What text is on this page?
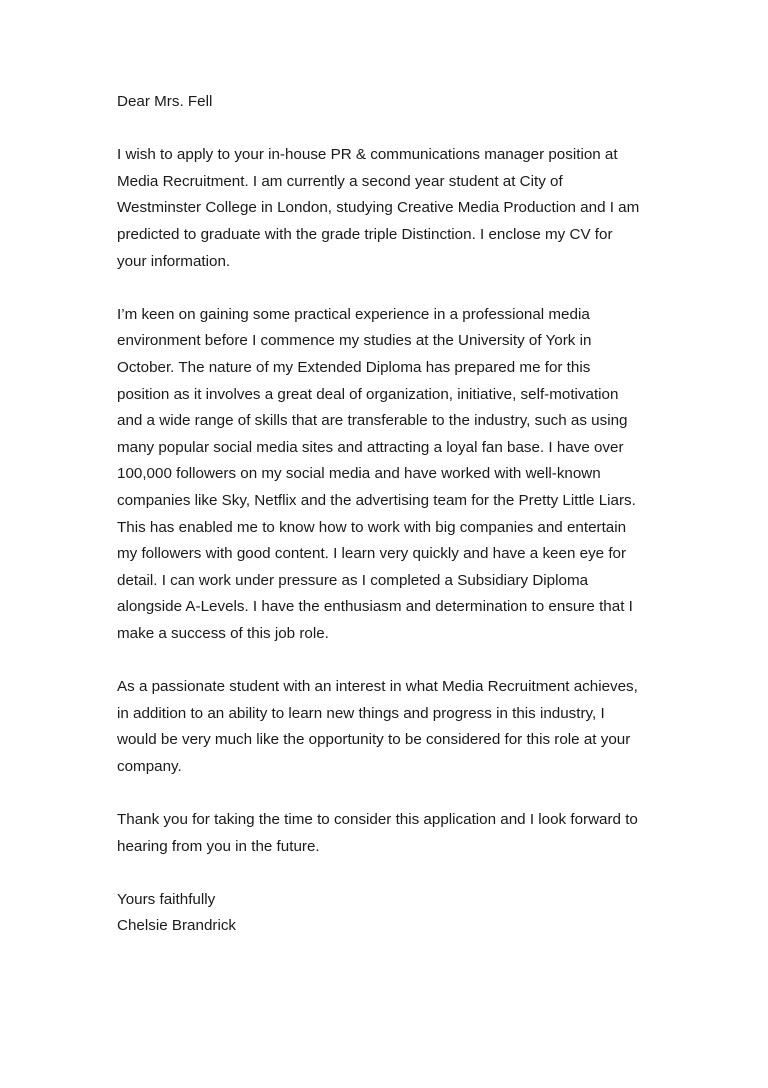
Dear Mrs. Fell
I wish to apply to your in-house PR & communications manager position at
Media Recruitment. I am currently a second year student at City of
Westminster College in London, studying Creative Media Production and I am
predicted to graduate with the grade triple Distinction. I enclose my CV for
your information.
I’m keen on gaining some practical experience in a professional media
environment before I commence my studies at the University of York in
October. The nature of my Extended Diploma has prepared me for this
position as it involves a great deal of organization, initiative, self-motivation
and a wide range of skills that are transferable to the industry, such as using
many popular social media sites and attracting a loyal fan base. I have over
100,000 followers on my social media and have worked with well-known
companies like Sky, Netflix and the advertising team for the Pretty Little Liars.
This has enabled me to know how to work with big companies and entertain
my followers with good content. I learn very quickly and have a keen eye for
detail. I can work under pressure as I completed a Subsidiary Diploma
alongside A-Levels. I have the enthusiasm and determination to ensure that I
make a success of this job role.
As a passionate student with an interest in what Media Recruitment achieves,
in addition to an ability to learn new things and progress in this industry, I
would be very much like the opportunity to be considered for this role at your
company.
Thank you for taking the time to consider this application and I look forward to
hearing from you in the future.
Yours faithfully
Chelsie Brandrick
